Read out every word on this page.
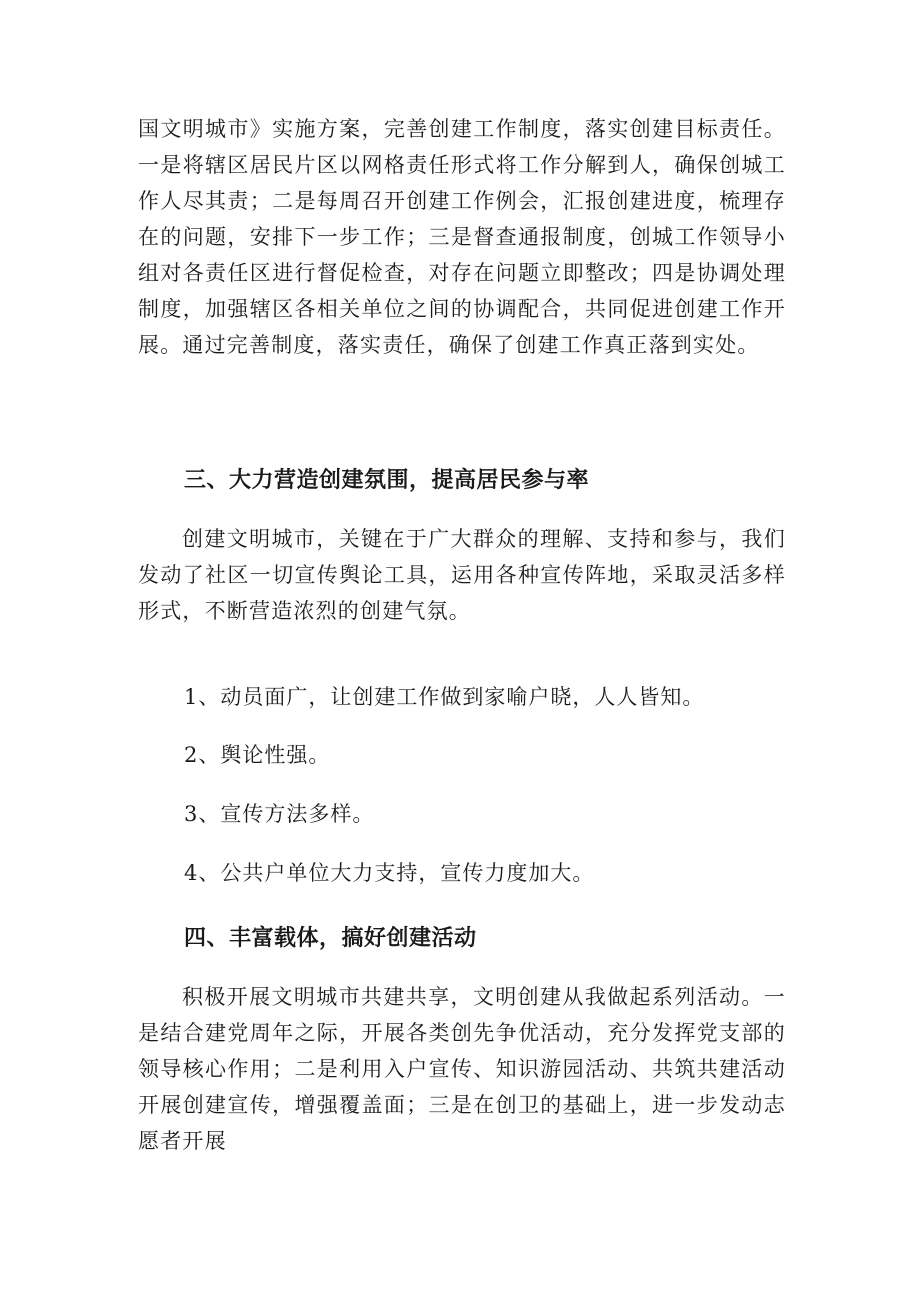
国文明城市》实施方案，完善创建工作制度，落实创建目标责任。一是将辖区居民片区以网格责任形式将工作分解到人，确保创城工作人尽其责；二是每周召开创建工作例会，汇报创建进度，梳理存在的问题，安排下一步工作；三是督查通报制度，创城工作领导小组对各责任区进行督促检查，对存在问题立即整改；四是协调处理制度，加强辖区各相关单位之间的协调配合，共同促进创建工作开展。通过完善制度，落实责任，确保了创建工作真正落到实处。

三、大力营造创建氛围，提高居民参与率

创建文明城市，关键在于广大群众的理解、支持和参与，我们发动了社区一切宣传舆论工具，运用各种宣传阵地，采取灵活多样形式，不断营造浓烈的创建气氛。

1、动员面广，让创建工作做到家喻户晓，人人皆知。

2、舆论性强。

3、宣传方法多样。

4、公共户单位大力支持，宣传力度加大。

四、丰富载体，搞好创建活动

积极开展文明城市共建共享，文明创建从我做起系列活动。一是结合建党周年之际，开展各类创先争优活动，充分发挥党支部的领导核心作用；二是利用入户宣传、知识游园活动、共筑共建活动开展创建宣传，增强覆盖面；三是在创卫的基础上，进一步发动志愿者开展
